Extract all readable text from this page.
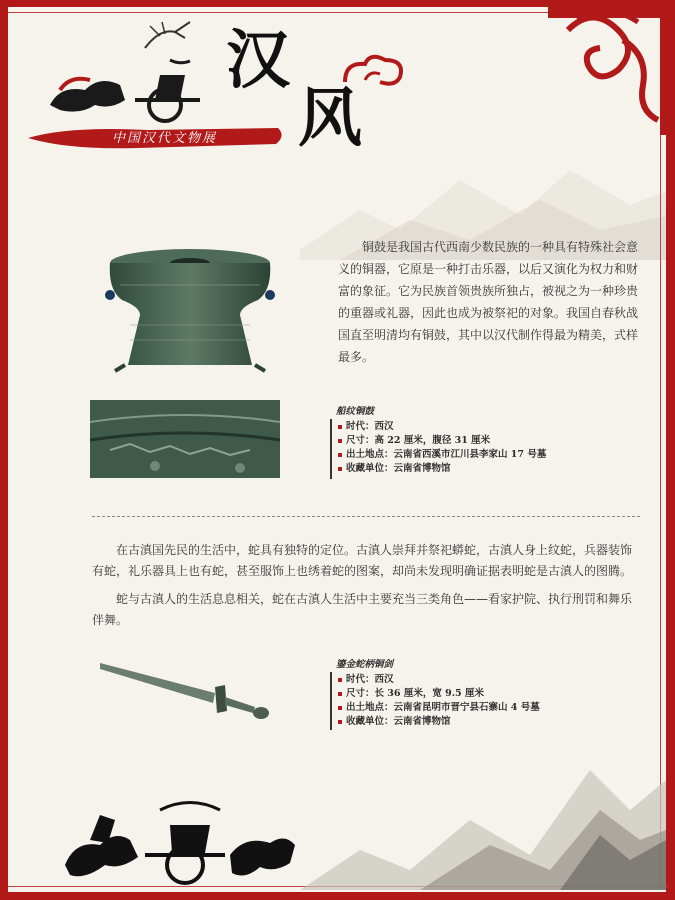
汉
风
中国汉代文物展
铜鼓是我国古代西南少数民族的一种具有特殊社会意义的铜器，它原是一种打击乐器，以后又演化为权力和财富的象征。它为民族首领贵族所独占，被视之为一种珍贵的重器或礼器，因此也成为被祭祀的对象。我国自春秋战国直至明清均有铜鼓，其中以汉代制作得最为精美，式样最多。
船纹铜鼓
时代：西汉
尺寸：高 22 厘米，腹径 31 厘米
出土地点：云南省西溪市江川县李家山 17 号墓
收藏单位：云南省博物馆

在古滇国先民的生活中，蛇具有独特的定位。古滇人崇拜并祭祀蟒蛇，古滇人身上纹蛇，兵器装饰有蛇，礼乐器具上也有蛇，甚至服饰上也绣着蛇的图案，却尚未发现明确证据表明蛇是古滇人的图腾。

蛇与古滇人的生活息息相关，蛇在古滇人生活中主要充当三类角色——看家护院、执行刑罚和舞乐伴舞。

鎏金蛇柄铜剑
时代：西汉
尺寸：长 36 厘米，宽 9.5 厘米
出土地点：云南省昆明市晋宁县石寨山 4 号墓
收藏单位：云南省博物馆
